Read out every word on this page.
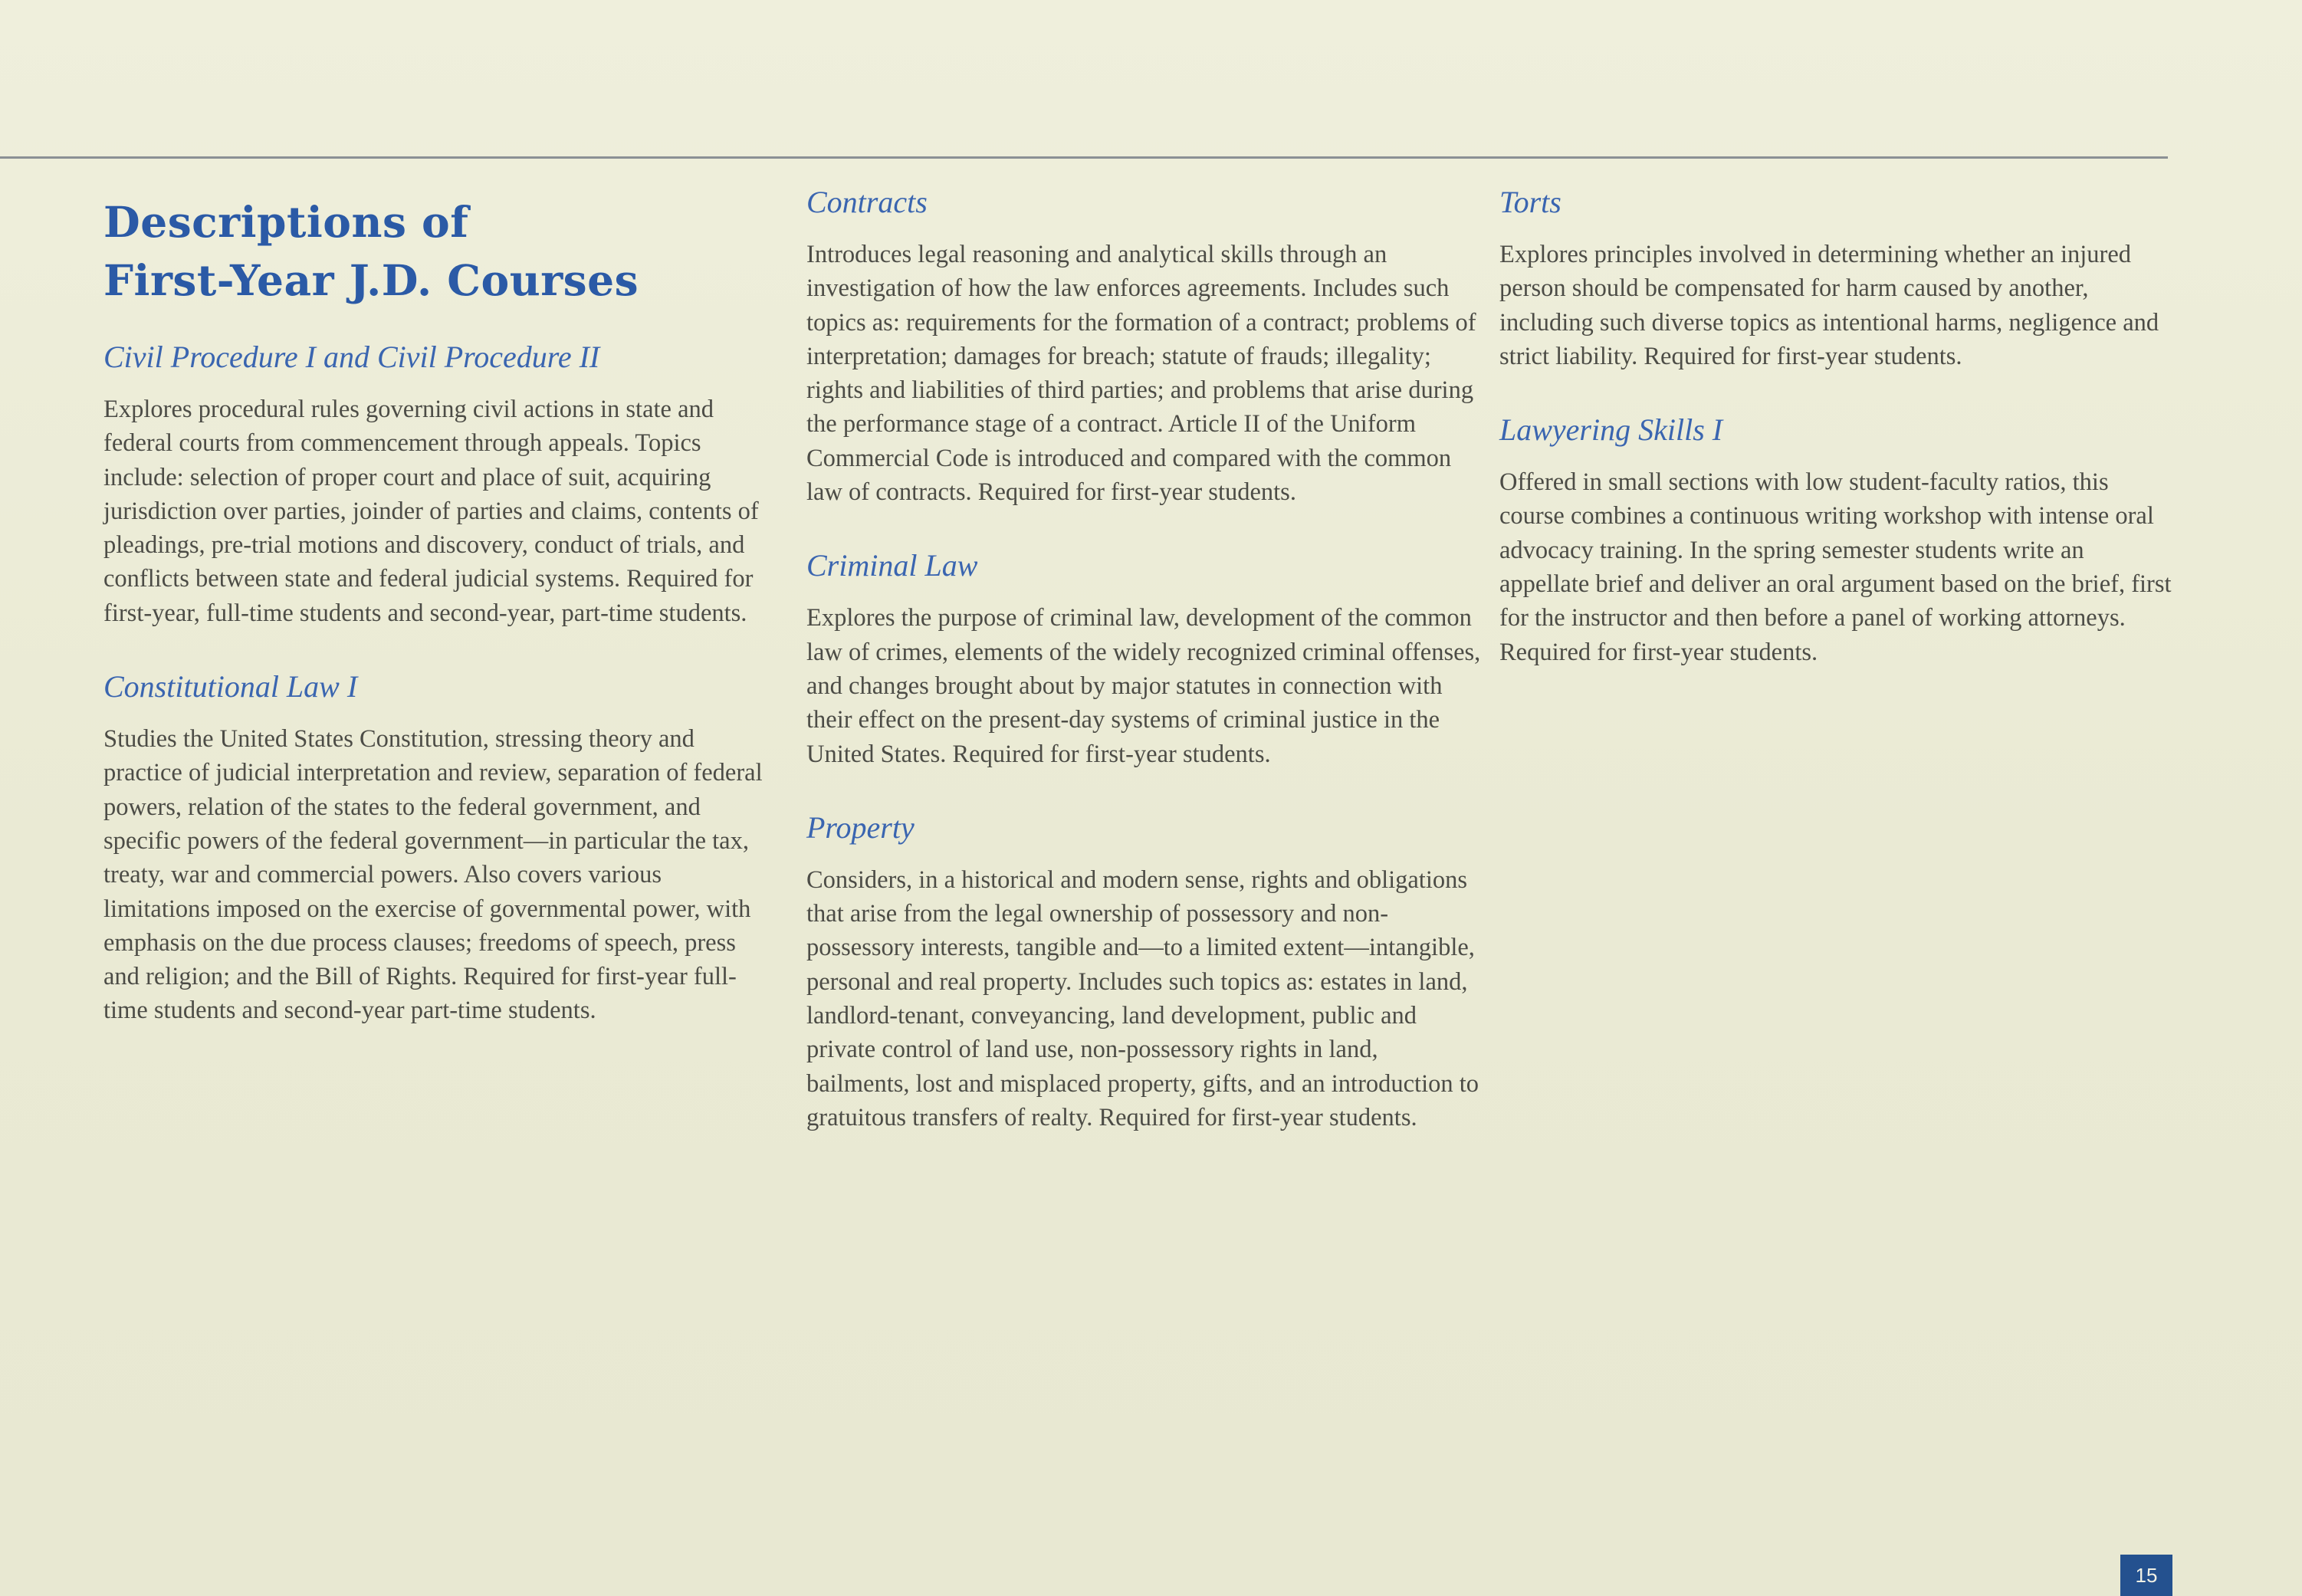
Descriptions of
First-Year J.D. Courses
Civil Procedure I and Civil Procedure II

Explores procedural rules governing civil actions in state and federal courts from commencement through appeals. Topics include: selection of proper court and place of suit, acquiring jurisdiction over parties, joinder of parties and claims, contents of pleadings, pre-trial motions and discovery, conduct of trials, and conflicts between state and federal judicial systems. Required for first-year, full-time students and second-year, part-time students.

Constitutional Law I

Studies the United States Constitution, stressing theory and practice of judicial interpretation and review, separation of federal powers, relation of the states to the federal government, and specific powers of the federal government—in particular the tax, treaty, war and commercial powers. Also covers various limitations imposed on the exercise of governmental power, with emphasis on the due process clauses; freedoms of speech, press and religion; and the Bill of Rights. Required for first-year full-time students and second-year part-time students.

Contracts

Introduces legal reasoning and analytical skills through an investigation of how the law enforces agreements. Includes such topics as: requirements for the formation of a contract; problems of interpretation; damages for breach; statute of frauds; illegality; rights and liabilities of third parties; and problems that arise during the performance stage of a contract. Article II of the Uniform Commercial Code is introduced and compared with the common law of contracts. Required for first-year students.

Criminal Law

Explores the purpose of criminal law, development of the common law of crimes, elements of the widely recognized criminal offenses, and changes brought about by major statutes in connection with their effect on the present-day systems of criminal justice in the United States. Required for first-year students.

Property

Considers, in a historical and modern sense, rights and obligations that arise from the legal ownership of possessory and non-possessory interests, tangible and—to a limited extent—intangible, personal and real property. Includes such topics as: estates in land, landlord-tenant, conveyancing, land development, public and private control of land use, non-possessory rights in land, bailments, lost and misplaced property, gifts, and an introduction to gratuitous transfers of realty. Required for first-year students.

Torts

Explores principles involved in determining whether an injured person should be compensated for harm caused by another, including such diverse topics as intentional harms, negligence and strict liability. Required for first-year students.

Lawyering Skills I

Offered in small sections with low student-faculty ratios, this course combines a continuous writing workshop with intense oral advocacy training. In the spring semester students write an appellate brief and deliver an oral argument based on the brief, first for the instructor and then before a panel of working attorneys. Required for first-year students.

15
